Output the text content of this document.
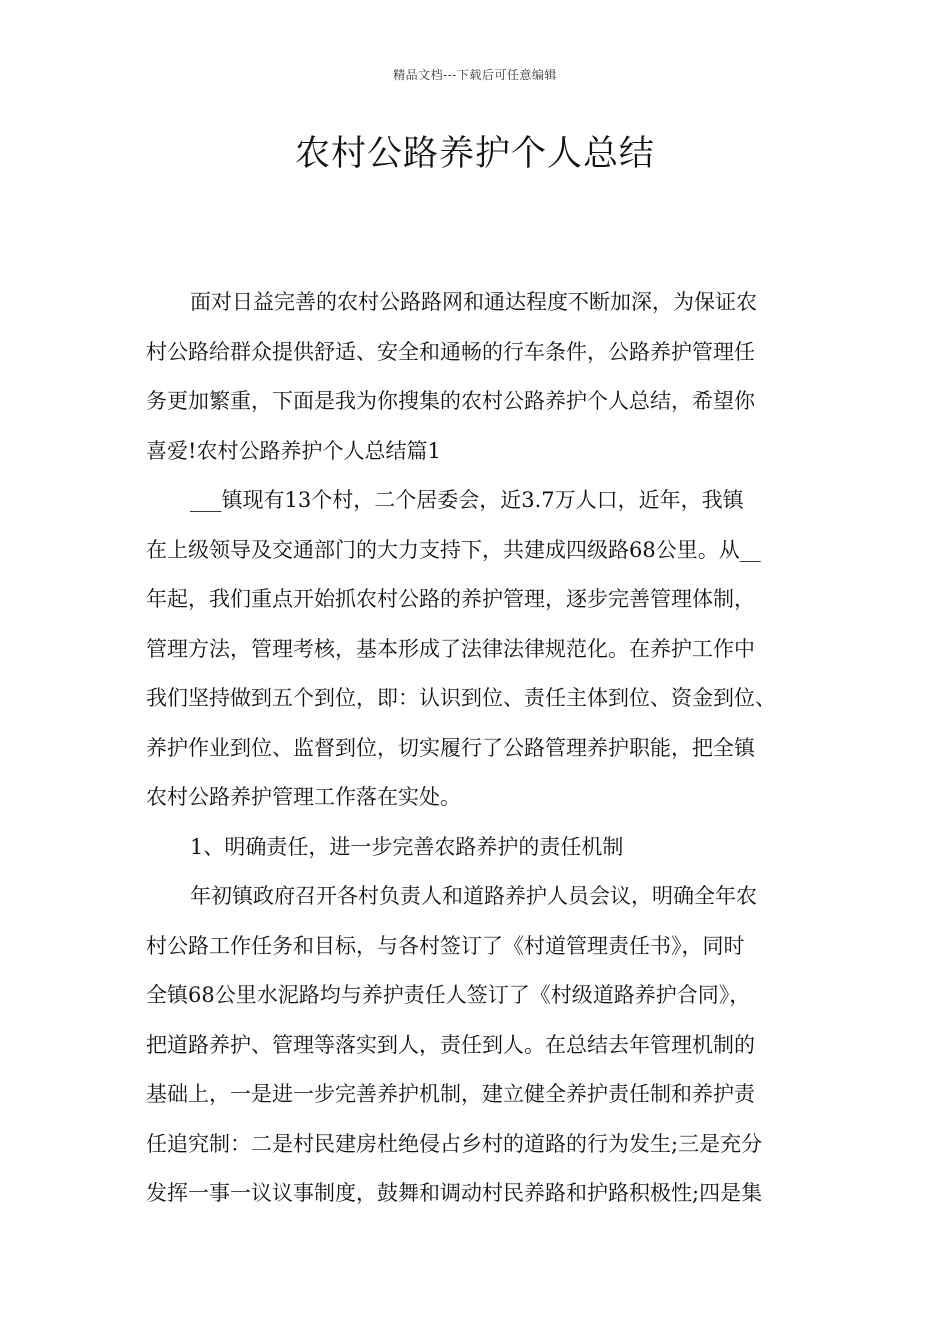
精品文档---下载后可任意编辑
农村公路养护个人总结
面对日益完善的农村公路路网和通达程度不断加深，为保证农
村公路给群众提供舒适、安全和通畅的行车条件，公路养护管理任
务更加繁重，下面是我为你搜集的农村公路养护个人总结，希望你
喜爱!农村公路养护个人总结篇1
___镇现有13个村，二个居委会，近3.7万人口，近年，我镇
在上级领导及交通部门的大力支持下，共建成四级路68公里。从__
年起，我们重点开始抓农村公路的养护管理，逐步完善管理体制，
管理方法，管理考核，基本形成了法律法律规范化。在养护工作中
我们坚持做到五个到位，即：认识到位、责任主体到位、资金到位、
养护作业到位、监督到位，切实履行了公路管理养护职能，把全镇
农村公路养护管理工作落在实处。
1、明确责任，进一步完善农路养护的责任机制
年初镇政府召开各村负责人和道路养护人员会议，明确全年农
村公路工作任务和目标，与各村签订了《村道管理责任书》，同时
全镇68公里水泥路均与养护责任人签订了《村级道路养护合同》，
把道路养护、管理等落实到人，责任到人。在总结去年管理机制的
基础上，一是进一步完善养护机制，建立健全养护责任制和养护责
任追究制：二是村民建房杜绝侵占乡村的道路的行为发生;三是充分
发挥一事一议议事制度，鼓舞和调动村民养路和护路积极性;四是集
